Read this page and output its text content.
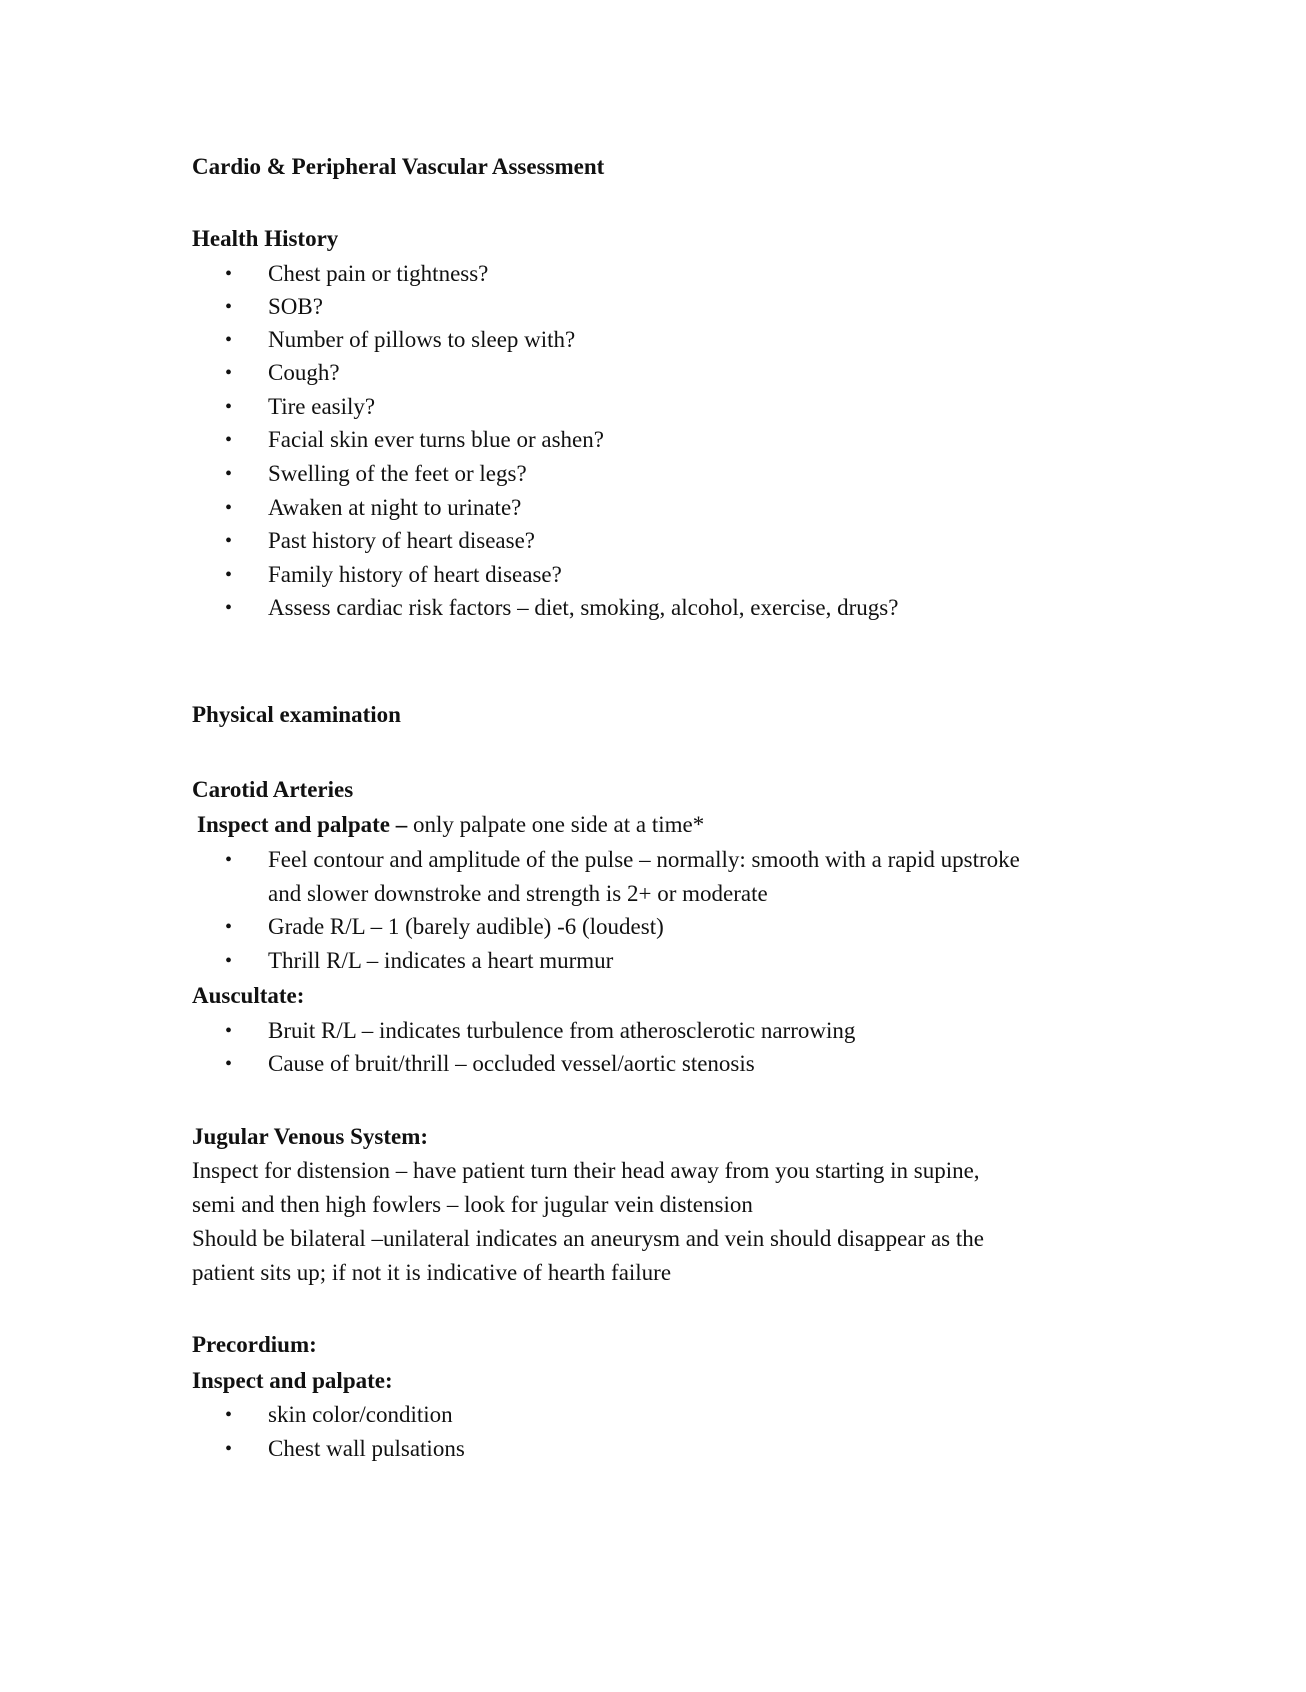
Cardio & Peripheral Vascular Assessment
Health History
•	Chest pain or tightness?
•	SOB?
•	Number of pillows to sleep with?
•	Cough?
•	Tire easily?
•	Facial skin ever turns blue or ashen?
•	Swelling of the feet or legs?
•	Awaken at night to urinate?
•	Past history of heart disease?
•	Family history of heart disease?
•	Assess cardiac risk factors – diet, smoking, alcohol, exercise, drugs?
Physical examination
Carotid Arteries
Inspect and palpate – only palpate one side at a time*
•	Feel contour and amplitude of the pulse – normally: smooth with a rapid upstroke
and slower downstroke and strength is 2+ or moderate
•	Grade R/L – 1 (barely audible) -6 (loudest)
•	Thrill R/L – indicates a heart murmur
Auscultate:
•	Bruit R/L – indicates turbulence from atherosclerotic narrowing
•	Cause of bruit/thrill – occluded vessel/aortic stenosis
Jugular Venous System:
Inspect for distension – have patient turn their head away from you starting in supine,
semi and then high fowlers – look for jugular vein distension
Should be bilateral –unilateral indicates an aneurysm and vein should disappear as the
patient sits up; if not it is indicative of hearth failure
Precordium:
Inspect and palpate:
•	skin color/condition
•	Chest wall pulsations
